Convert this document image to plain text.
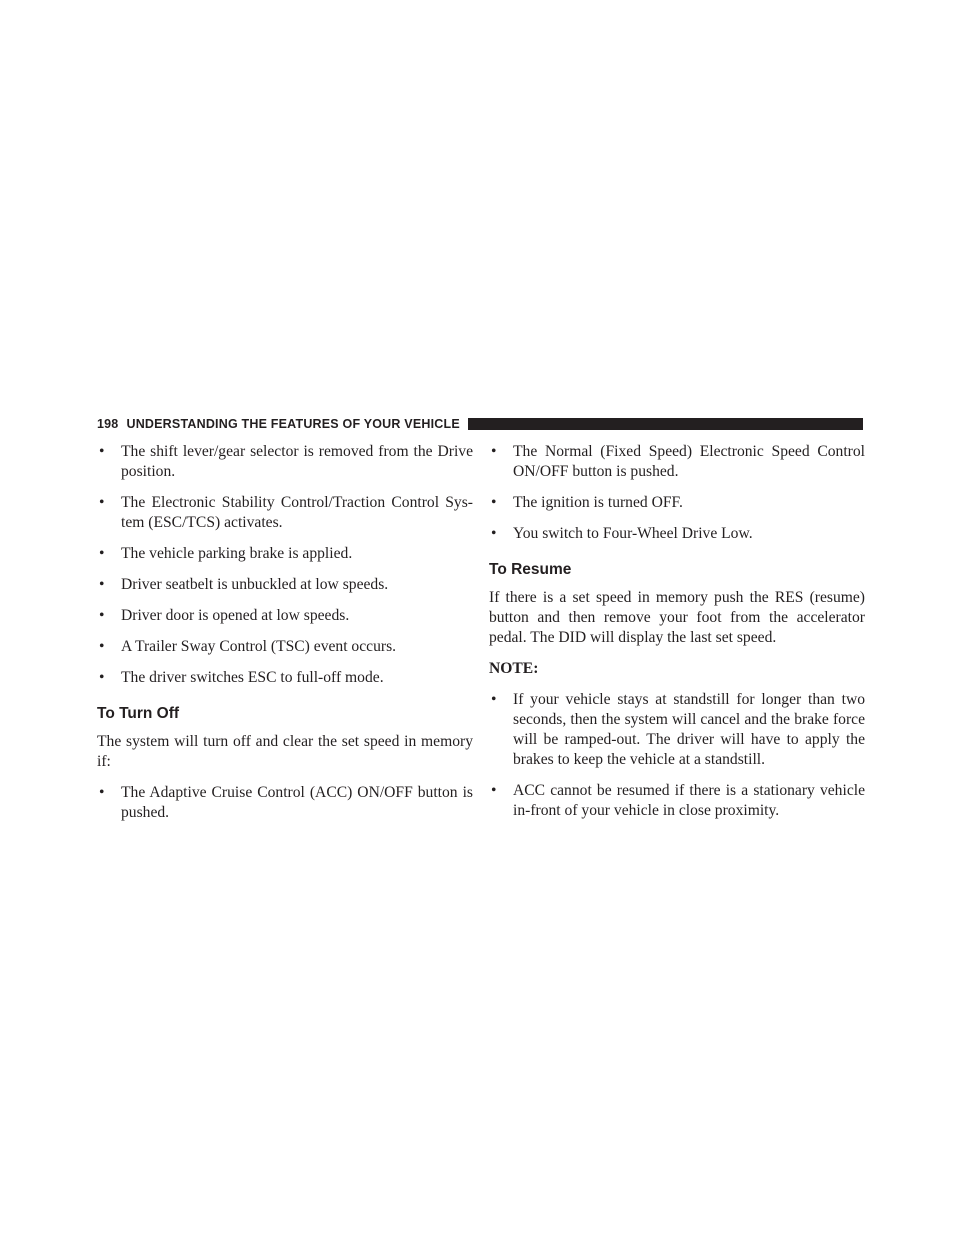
198 UNDERSTANDING THE FEATURES OF YOUR VEHICLE
• The shift lever/gear selector is removed from the Drive position.
• The Electronic Stability Control/Traction Control Sys- tem (ESC/TCS) activates.
• The vehicle parking brake is applied.
• Driver seatbelt is unbuckled at low speeds.
• Driver door is opened at low speeds.
• A Trailer Sway Control (TSC) event occurs.
• The driver switches ESC to full-off mode.
To Turn Off
The system will turn off and clear the set speed in memory if:
• The Adaptive Cruise Control (ACC) ON/OFF button is pushed.
• The Normal (Fixed Speed) Electronic Speed Control ON/OFF button is pushed.
• The ignition is turned OFF.
• You switch to Four-Wheel Drive Low.
To Resume
If there is a set speed in memory push the RES (resume) button and then remove your foot from the accelerator pedal. The DID will display the last set speed.
NOTE:
• If your vehicle stays at standstill for longer than two seconds, then the system will cancel and the brake force will be ramped-out. The driver will have to apply the brakes to keep the vehicle at a standstill.
• ACC cannot be resumed if there is a stationary vehicle in-front of your vehicle in close proximity.
